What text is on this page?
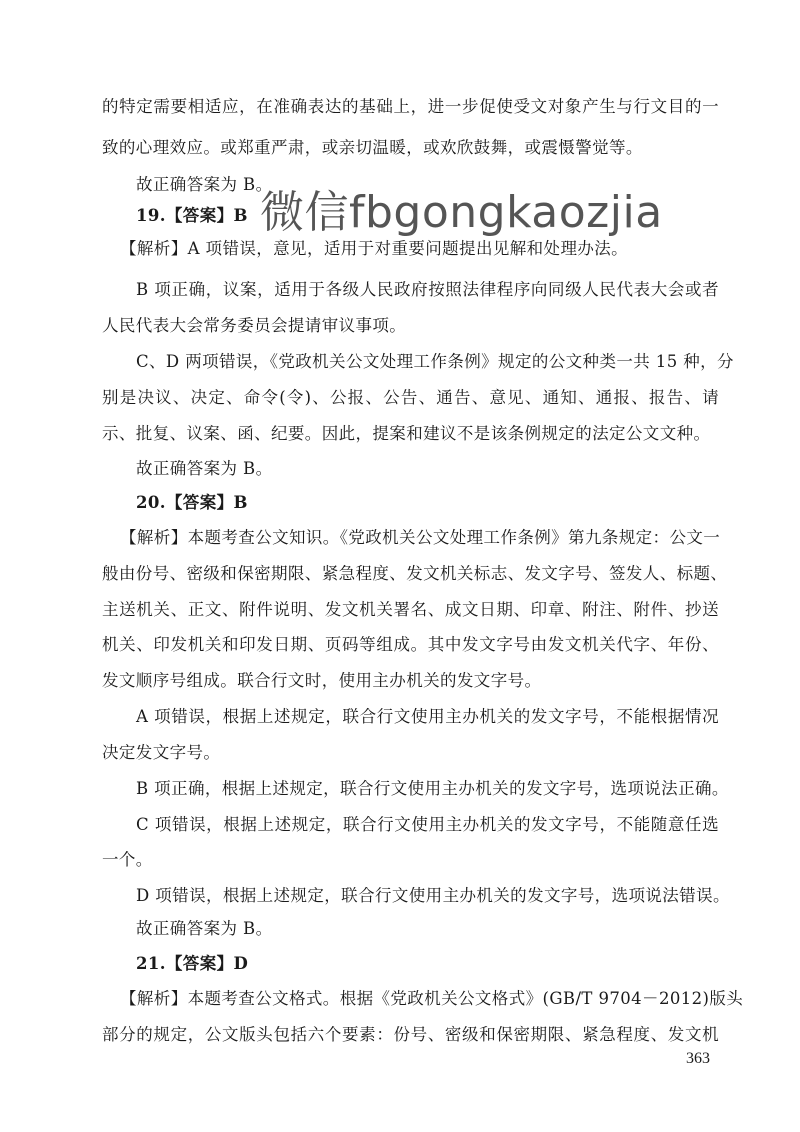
的特定需要相适应，在准确表达的基础上，进一步促使受文对象产生与行文目的一
致的心理效应。或郑重严肃，或亲切温暖，或欢欣鼓舞，或震慑警觉等。
故正确答案为 B。
19.【答案】B
【解析】A 项错误，意见，适用于对重要问题提出见解和处理办法。
B 项正确，议案，适用于各级人民政府按照法律程序向同级人民代表大会或者
人民代表大会常务委员会提请审议事项。
C、D 两项错误，《党政机关公文处理工作条例》规定的公文种类一共 15 种，分
别是决议、决定、命令(令)、公报、公告、通告、意见、通知、通报、报告、请
示、批复、议案、函、纪要。因此，提案和建议不是该条例规定的法定公文文种。
故正确答案为 B。
20.【答案】B
【解析】本题考查公文知识。《党政机关公文处理工作条例》第九条规定：公文一
般由份号、密级和保密期限、紧急程度、发文机关标志、发文字号、签发人、标题、
主送机关、正文、附件说明、发文机关署名、成文日期、印章、附注、附件、抄送
机关、印发机关和印发日期、页码等组成。其中发文字号由发文机关代字、年份、
发文顺序号组成。联合行文时，使用主办机关的发文字号。
A 项错误，根据上述规定，联合行文使用主办机关的发文字号，不能根据情况
决定发文字号。
B 项正确，根据上述规定，联合行文使用主办机关的发文字号，选项说法正确。
C 项错误，根据上述规定，联合行文使用主办机关的发文字号，不能随意任选
一个。
D 项错误，根据上述规定，联合行文使用主办机关的发文字号，选项说法错误。
故正确答案为 B。
21.【答案】D
【解析】本题考查公文格式。根据《党政机关公文格式》(GB/T 9704－2012)版头
部分的规定，公文版头包括六个要素：份号、密级和保密期限、紧急程度、发文机
微信fbgongkaozjia
363
